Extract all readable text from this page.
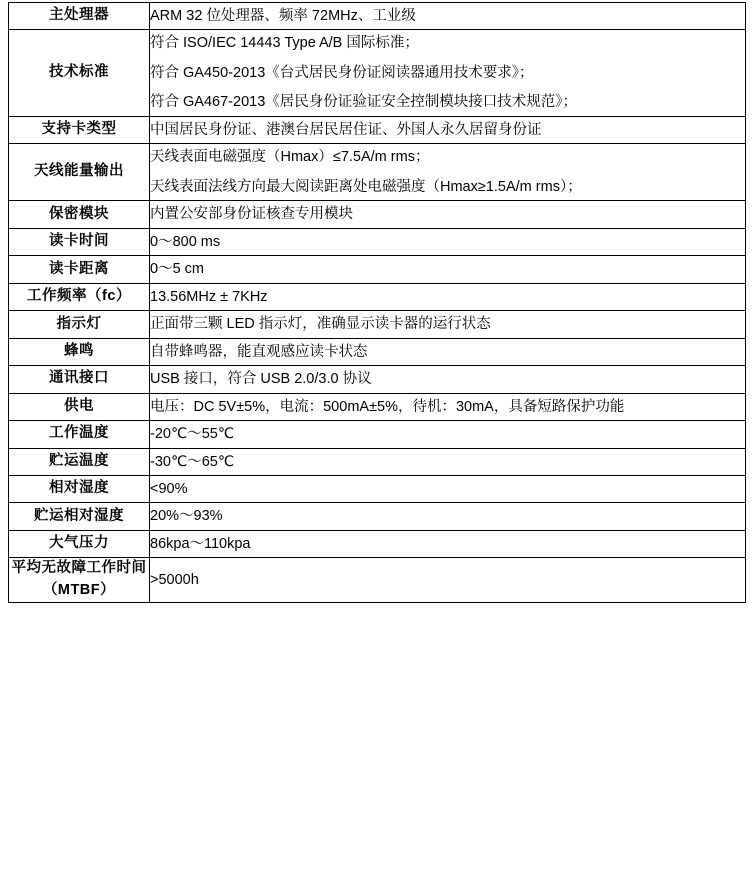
主处理器	ARM 32 位处理器、频率 72MHz、工业级

技术标准	符合 ISO/IEC 14443 Type A/B 国际标准；
符合 GA450-2013《台式居民身份证阅读器通用技术要求》；
符合 GA467-2013《居民身份证验证安全控制模块接口技术规范》；

支持卡类型	中国居民身份证、港澳台居民居住证、外国人永久居留身份证

天线能量输出	天线表面电磁强度（Hmax）≤7.5A/m rms；
天线表面法线方向最大阅读距离处电磁强度（Hmax≥1.5A/m rms）；

保密模块	内置公安部身份证核查专用模块

读卡时间	0～800 ms

读卡距离	0～5 cm

工作频率（fc）	13.56MHz ± 7KHz

指示灯	正面带三颗 LED 指示灯，准确显示读卡器的运行状态

蜂鸣	自带蜂鸣器，能直观感应读卡状态

通讯接口	USB 接口，符合 USB 2.0/3.0 协议

供电	电压：DC 5V±5%，电流：500mA±5%，待机：30mA，具备短路保护功能

工作温度	-20℃～55℃

贮运温度	-30℃～65℃

相对湿度	<90%

贮运相对湿度	20%～93%

大气压力	86kpa～110kpa

平均无故障工作时间（MTBF）	>5000h
